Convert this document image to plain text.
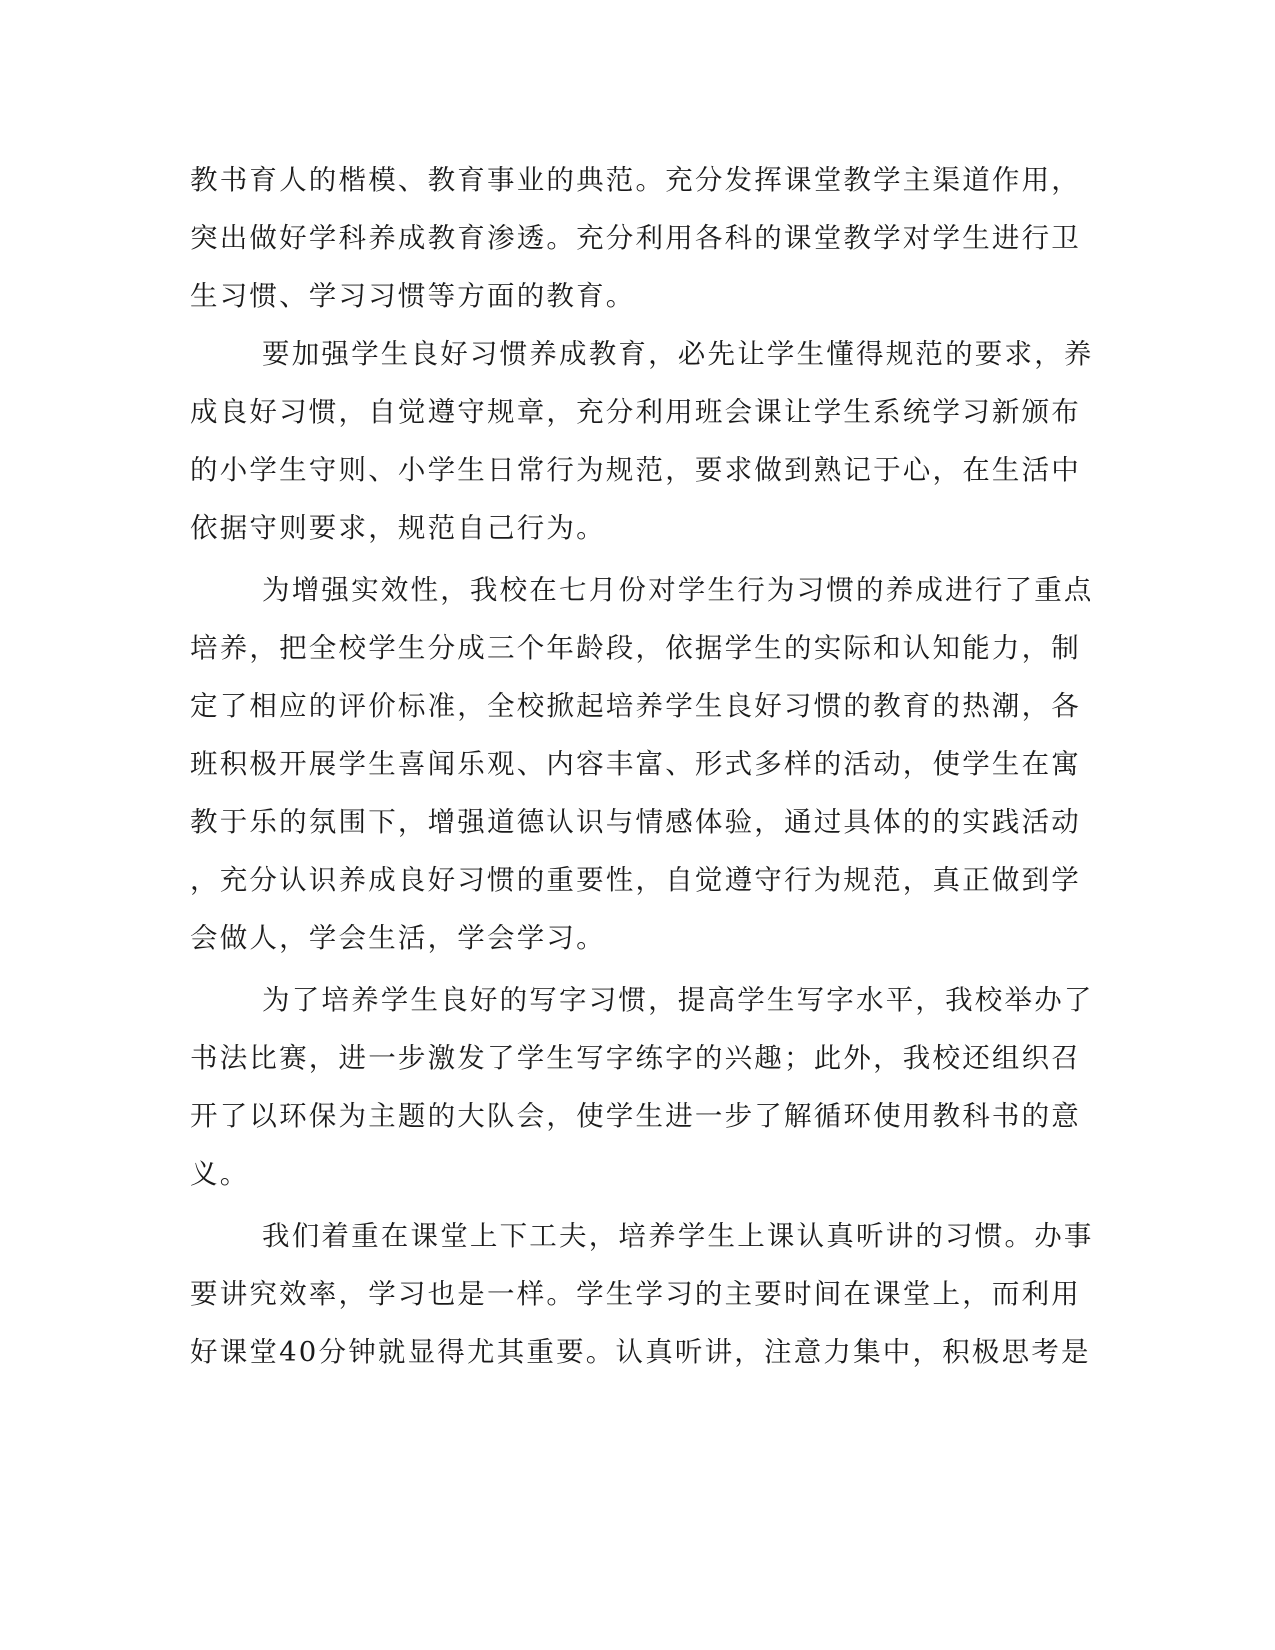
教书育人的楷模、教育事业的典范。充分发挥课堂教学主渠道作用，
突出做好学科养成教育渗透。充分利用各科的课堂教学对学生进行卫
生习惯、学习习惯等方面的教育。
要加强学生良好习惯养成教育，必先让学生懂得规范的要求，养
成良好习惯，自觉遵守规章，充分利用班会课让学生系统学习新颁布
的小学生守则、小学生日常行为规范，要求做到熟记于心，在生活中
依据守则要求，规范自己行为。
为增强实效性，我校在七月份对学生行为习惯的养成进行了重点
培养，把全校学生分成三个年龄段，依据学生的实际和认知能力，制
定了相应的评价标准，全校掀起培养学生良好习惯的教育的热潮，各
班积极开展学生喜闻乐观、内容丰富、形式多样的活动，使学生在寓
教于乐的氛围下，增强道德认识与情感体验，通过具体的的实践活动
，充分认识养成良好习惯的重要性，自觉遵守行为规范，真正做到学
会做人，学会生活，学会学习。
为了培养学生良好的写字习惯，提高学生写字水平，我校举办了
书法比赛，进一步激发了学生写字练字的兴趣；此外，我校还组织召
开了以环保为主题的大队会，使学生进一步了解循环使用教科书的意
义。
我们着重在课堂上下工夫，培养学生上课认真听讲的习惯。办事
要讲究效率，学习也是一样。学生学习的主要时间在课堂上，而利用
好课堂40分钟就显得尤其重要。认真听讲，注意力集中，积极思考是
